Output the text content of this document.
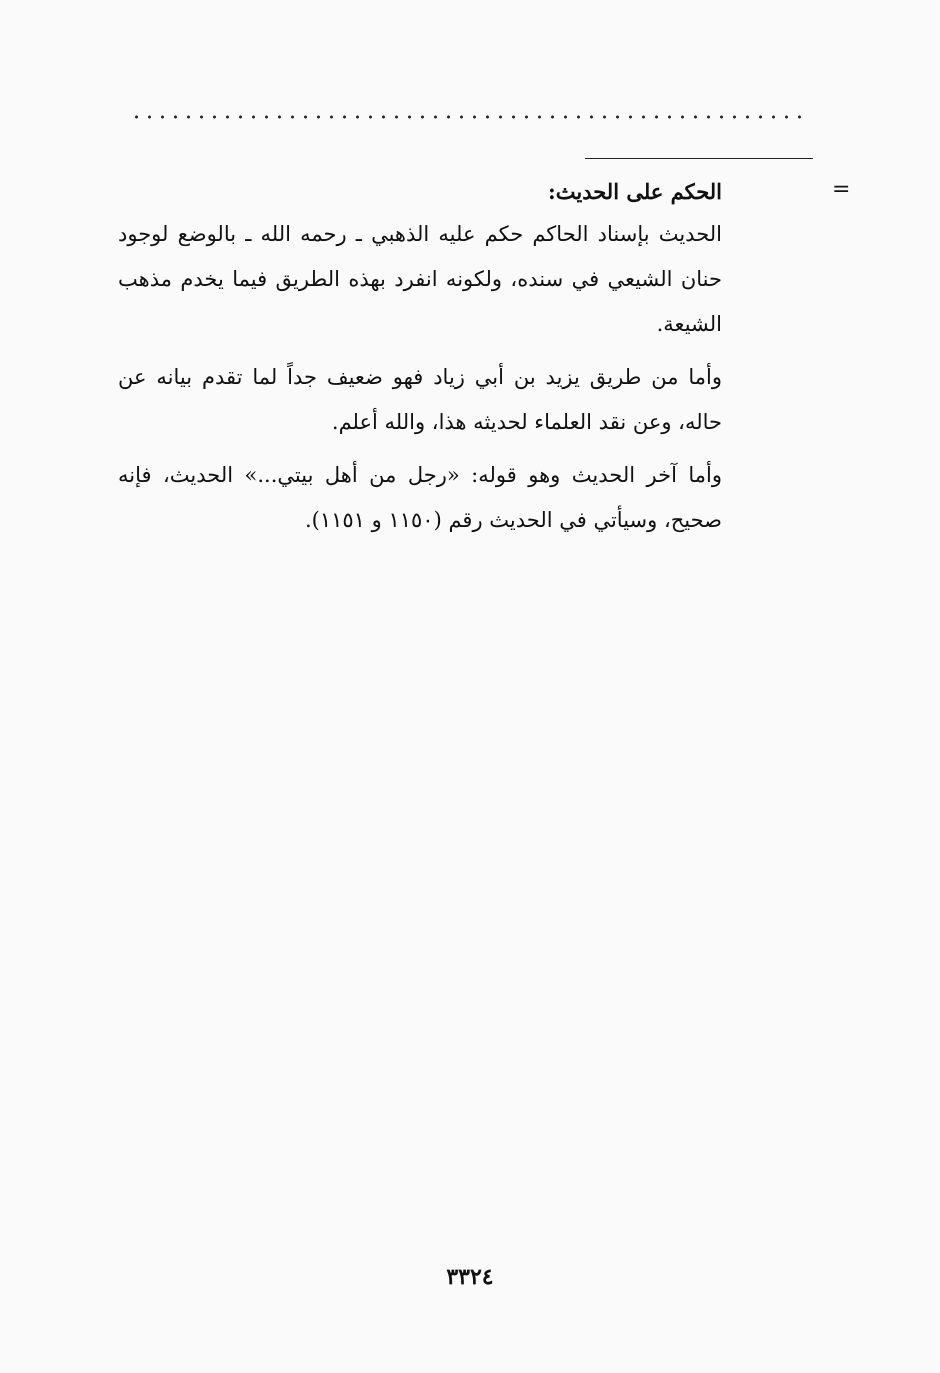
=

الحكم على الحديث:

الحديث بإسناد الحاكم حكم عليه الذهبي ـ رحمه الله ـ بالوضع لوجود حنان الشيعي في سنده، ولكونه انفرد بهذه الطريق فيما يخدم مذهب الشيعة.

وأما من طريق يزيد بن أبي زياد فهو ضعيف جداً لما تقدم بيانه عن حاله، وعن نقد العلماء لحديثه هذا، والله أعلم.

وأما آخر الحديث وهو قوله: «رجل من أهل بيتي...» الحديث، فإنه صحيح، وسيأتي في الحديث رقم (١١٥٠ و ١١٥١).

٣٣٢٤
